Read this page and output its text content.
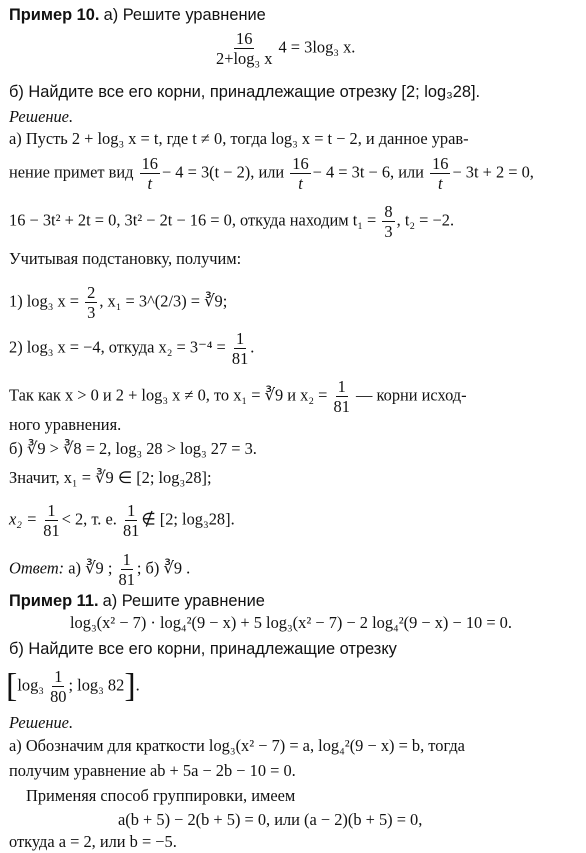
Пример 10. а) Решите уравнение
$\frac{16}{\text{2+log₃ x}} 4 = 3\log_3$ x.
б) Найдите все его корни, принадлежащие отрезку [2; log₃28].
Решение.
а) Пусть 2 + log₃ x = t, где t ≠ 0, тогда log₃ x = t − 2, и данное урав-
нение примет вид $\frac{16}{t} - 4 = 3(t - 2)$, или $\frac{16}{t} - 4 = 3t - 6$, или $\frac{16}{t} - 3t + 2 = 0$,
16 − 3t² + 2t = 0, 3t² − 2t − 16 = 0, откуда находим $t_1 = \frac{8}{3}$ , t₂ = −2.
Учитывая подстановку, получим:
1) log₃ $x = \frac{2}{3}$ , x₁ = 3^(2/3) = ∛9;
2) log₃ x = −4, откуда $x_2 = 3^{-4} = \frac{1}{81}$ .
Так как x > 0 и 2 + log₃ x ≠ 0, то x₁ = ∛9 и $x_2 = \frac{1}{81}$ — корни исход-
ного уравнения.
б) ∛9 > ∛8 = 2, log₃ 28 > log₃ 27 = 3.
Значит, x₁ = ∛9 ∈ [2; log₃28];
$x_2 = \frac{1}{81} < 2$, т. е. $\frac{1}{81}$ ∉ [2; log₃28].
Ответ: а) ∛9 ; $\frac{1}{81}$ ; б) ∛9 .
Пример 11. а) Решите уравнение
log₃(x² − 7) · log₄²(9 − x) + 5 log₃(x² − 7) − 2 log₄²(9 − x) − 10 = 0.
б) Найдите все его корни, принадлежащие отрезку
[$\log_3 \frac{1}{80}$ ; log₃ 82].
Решение.
а) Обозначим для краткости log₃(x² − 7) = a, log₄²(9 − x) = b, тогда
получим уравнение ab + 5a − 2b − 10 = 0.
Применяя способ группировки, имеем
a(b + 5) − 2(b + 5) = 0, или (a − 2)(b + 5) = 0,
откуда a = 2, или b = −5.
